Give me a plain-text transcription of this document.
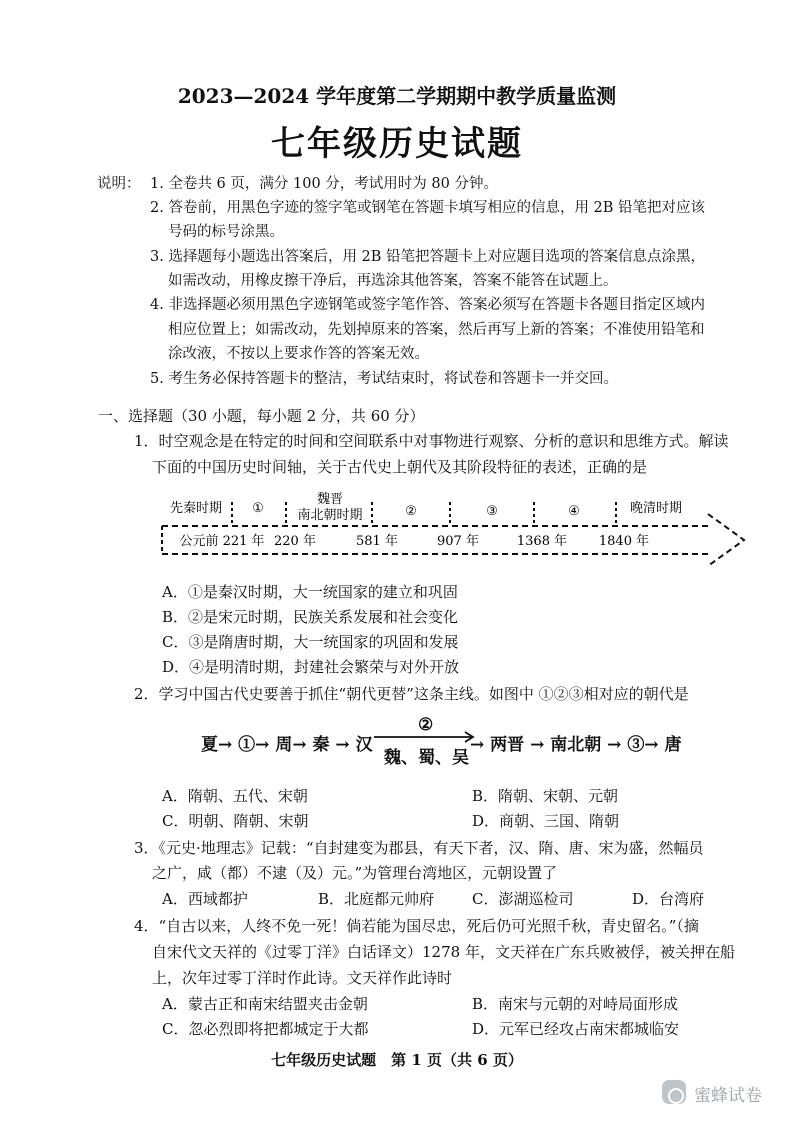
2023—2024 学年度第二学期期中教学质量监测
七年级历史试题
说明： 1. 全卷共 6 页，满分 100 分，考试用时为 80 分钟。
2. 答卷前，用黑色字迹的签字笔或钢笔在答题卡填写相应的信息，用 2B 铅笔把对应该
号码的标号涂黑。
3. 选择题每小题选出答案后，用 2B 铅笔把答题卡上对应题目选项的答案信息点涂黑，
如需改动，用橡皮擦干净后，再选涂其他答案，答案不能答在试题上。
4. 非选择题必须用黑色字迹钢笔或签字笔作答、答案必须写在答题卡各题目指定区域内
相应位置上；如需改动，先划掉原来的答案，然后再写上新的答案；不准使用铅笔和
涂改液，不按以上要求作答的答案无效。
5. 考生务必保持答题卡的整洁，考试结束时，将试卷和答题卡一并交回。
一、选择题（30 小题，每小题 2 分，共 60 分）
1．时空观念是在特定的时间和空间联系中对事物进行观察、分析的意识和思维方式。解读
下面的中国历史时间轴，关于古代史上朝代及其阶段特征的表述，正确的是
先秦时期 ①
魏晋
南北朝时期	②	③	④	晚清时期
公元前 221 年 220 年	581 年	907 年	1368 年 1840 年
A．①是秦汉时期，大一统国家的建立和巩固
B．②是宋元时期，民族关系发展和社会变化
C．③是隋唐时期，大一统国家的巩固和发展
D．④是明清时期，封建社会繁荣与对外开放
2．学习中国古代史要善于抓住“朝代更替”这条主线。如图中 ①②③相对应的朝代是
夏→ ①→ 周→ 秦 → 汉
②
魏、蜀、吴
→ 两晋 → 南北朝 → ③→ 唐
A．隋朝、五代、宋朝	B．隋朝、宋朝、元朝
C．明朝、隋朝、宋朝	D．商朝、三国、隋朝
3．《元史·地理志》记载：“自封建变为郡县，有天下者，汉、隋、唐、宋为盛，然幅员
之广，咸（都）不逮（及）元。”为管理台湾地区，元朝设置了
A．西域都护	B．北庭都元帅府	C．澎湖巡检司	D．台湾府
4．“自古以来，人终不免一死！倘若能为国尽忠，死后仍可光照千秋，青史留名。”（摘
自宋代文天祥的《过零丁洋》白话译文）1278 年，文天祥在广东兵败被俘，被关押在船
上，次年过零丁洋时作此诗。文天祥作此诗时
A．蒙古正和南宋结盟夹击金朝	B．南宋与元朝的对峙局面形成
C．忽必烈即将把都城定于大都	D．元军已经攻占南宋都城临安
七年级历史试题　第 1 页（共 6 页）
蜜蜂试卷
